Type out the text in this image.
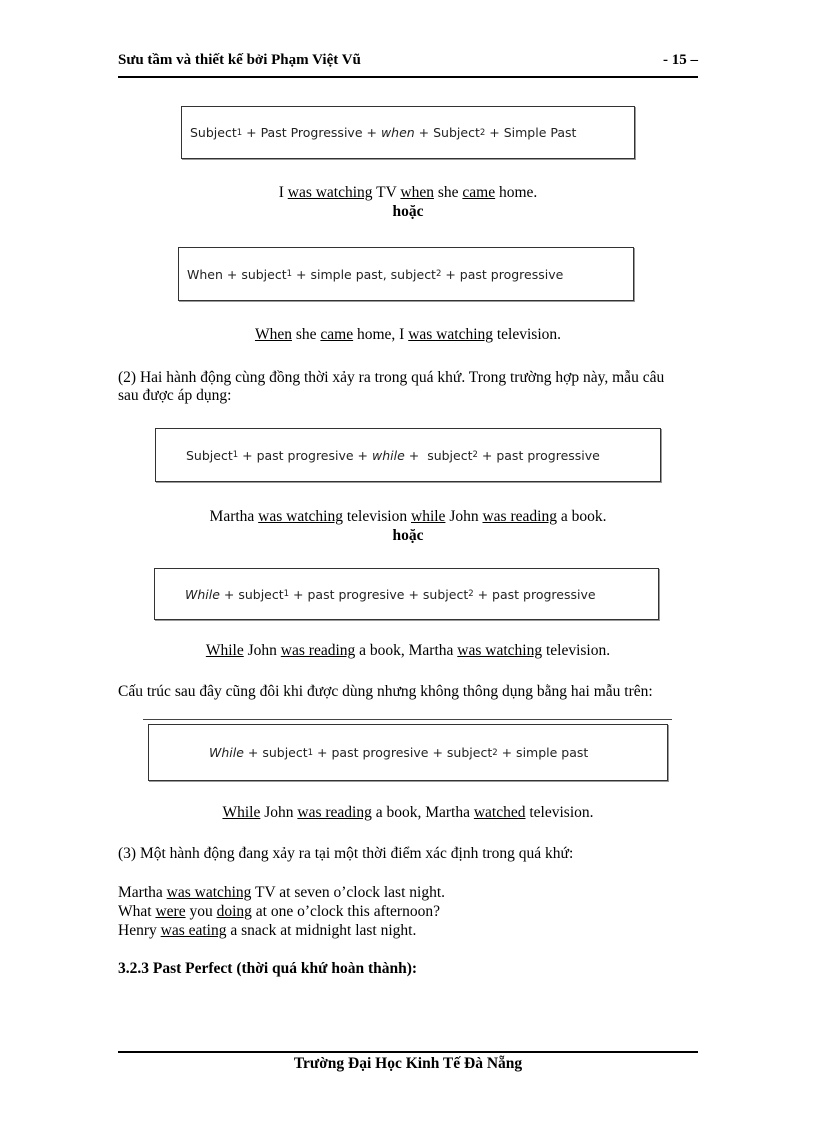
Sưu tầm và thiết kế bởi Phạm Việt Vũ	- 15 –
Subject 1 + Past Progressive + when + Subject 2 + Simple Past
I was watching TV when she came home.
hoặc
When + subject 1 + simple past, subject 2 + past progressive
When she came home, I was watching television.
(2) Hai hành động cùng đồng thời xảy ra trong quá khứ. Trong trường hợp này, mẫu câu
sau được áp dụng:
Subject 1 + past progresive + while +  subject 2 + past progressive
Martha was watching television while John was reading a book.
hoặc
While + subject 1 + past progresive + subject 2 + past progressive
While John was reading a book, Martha was watching television.
Cấu trúc sau đây cũng đôi khi được dùng nhưng không thông dụng bằng hai mẫu trên:
While + subject 1 + past progresive + subject 2 + simple past
While John was reading a book, Martha watched television.
(3) Một hành động đang xảy ra tại một thời điểm xác định trong quá khứ:
Martha was watching TV at seven o’clock last night.
What were you doing at one o’clock this afternoon?
Henry was eating a snack at midnight last night.
3.2.3 Past Perfect (thời quá khứ hoàn thành):
Trường Đại Học Kinh Tế Đà Nẵng
